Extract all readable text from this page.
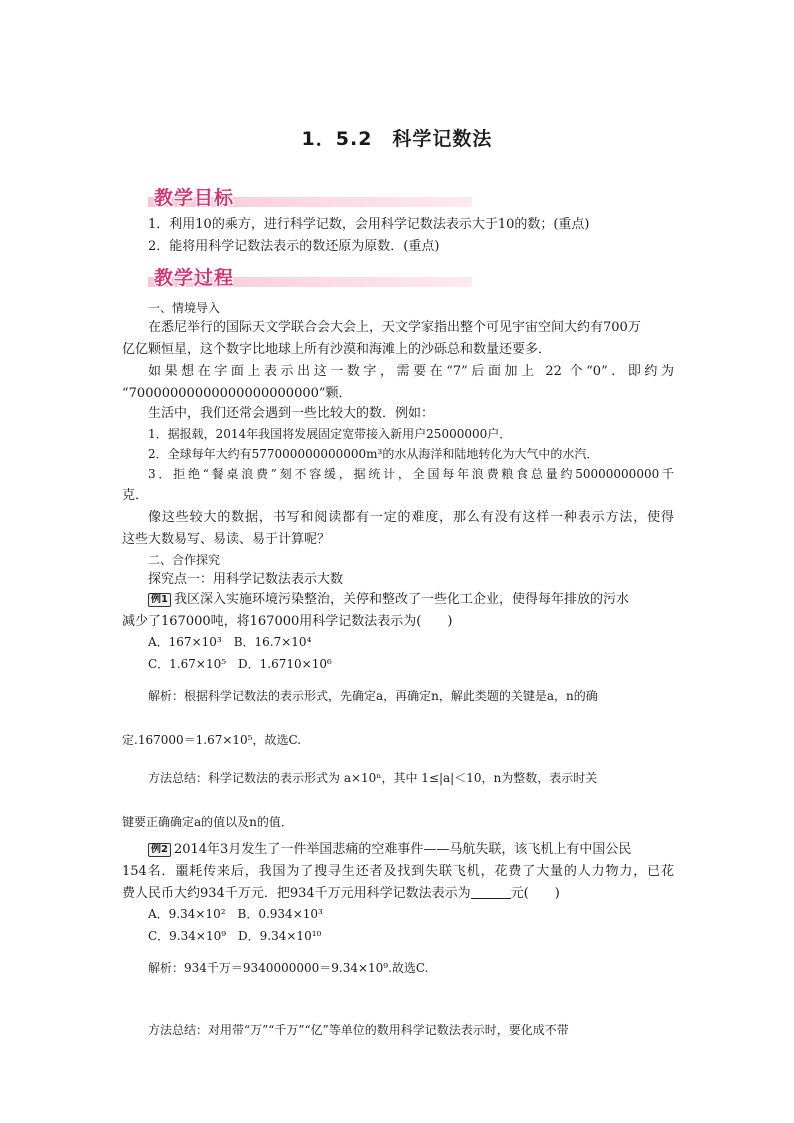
1．5.2　科学记数法
教学目标
1．利用10的乘方，进行科学记数，会用科学记数法表示大于10的数；(重点)
2．能将用科学记数法表示的数还原为原数．(重点)
教学过程
一、情境导入
在悉尼举行的国际天文学联合会大会上，天文学家指出整个可见宇宙空间大约有700万
亿亿颗恒星，这个数字比地球上所有沙漠和海滩上的沙砾总和数量还要多．
如果想在字面上表示出这一数字，需要在“7”后面加上 22 个“0”．即约为
“70000000000000000000000”颗．
生活中，我们还常会遇到一些比较大的数．例如：
1．据报载，2014年我国将发展固定宽带接入新用户25000000户．
2．全球每年大约有577000000000000m³的水从海洋和陆地转化为大气中的水汽．
3．拒绝“餐桌浪费”刻不容缓，据统计，全国每年浪费粮食总量约50000000000千
克．
像这些较大的数据，书写和阅读都有一定的难度，那么有没有这样一种表示方法，使得
这些大数易写、易读、易于计算呢？
二、合作探究
探究点一：用科学记数法表示大数
例1 我区深入实施环境污染整治，关停和整改了一些化工企业，使得每年排放的污水
减少了167000吨，将167000用科学记数法表示为(　　)
A．167×10³　B．16.7×10⁴
C．1.67×10⁵　D．1.6710×10⁶
解析：根据科学记数法的表示形式，先确定a，再确定n，解此类题的关键是a，n的确
定.167000＝1.67×10⁵，故选C.
方法总结：科学记数法的表示形式为 a×10ⁿ，其中 1≤|a|＜10，n为整数，表示时关
键要正确确定a的值以及n的值．
例2 2014年3月发生了一件举国悲痛的空难事件——马航失联，该飞机上有中国公民
154名．噩耗传来后，我国为了搜寻生还者及找到失联飞机，花费了大量的人力物力，已花
费人民币大约934千万元．把934千万元用科学记数法表示为	元(　　)
A．9.34×10²　B．0.934×10³
C．9.34×10⁹　D．9.34×10¹⁰
解析：934千万＝9340000000＝9.34×10⁹.故选C.
方法总结：对用带“万”“千万”“亿”等单位的数用科学记数法表示时，要化成不带
